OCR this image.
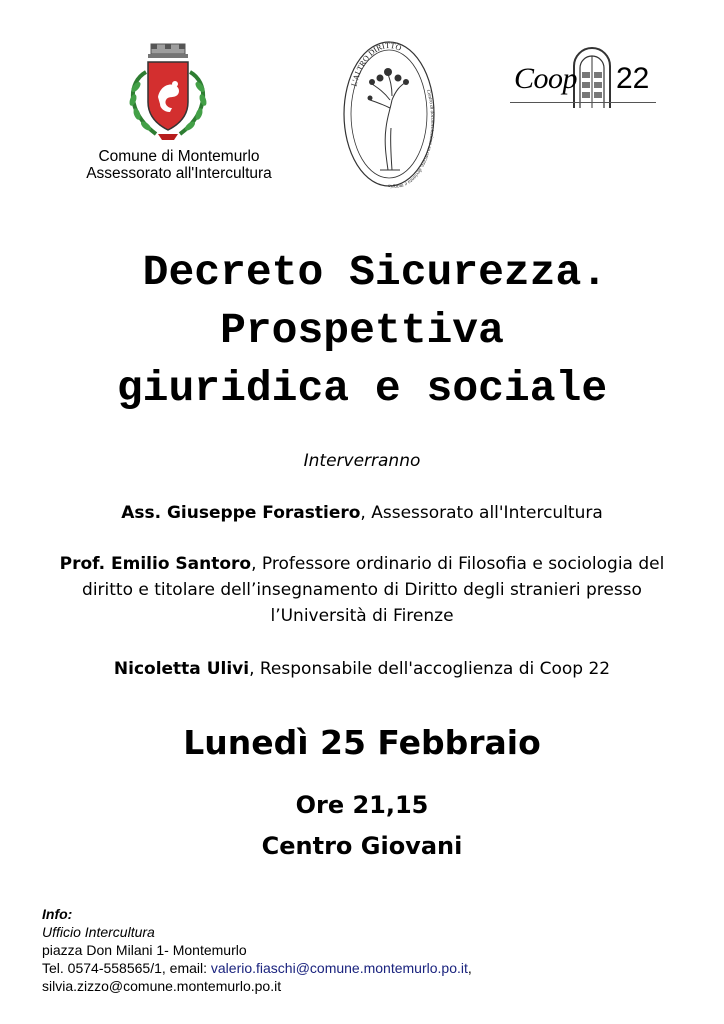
Comune di Montemurlo
Assessorato all'Intercultura
L'ALTRO DIRITTO
Centro di documentazione su carcere, devianza e margin
Coop 22
Decreto Sicurezza.
Prospettiva
giuridica e sociale
Interverranno
Ass. Giuseppe Forastiero, Assessorato all'Intercultura
Prof. Emilio Santoro, Professore ordinario di Filosofia e sociologia del diritto e titolare dell’insegnamento di Diritto degli stranieri presso l’Università di Firenze
Nicoletta Ulivi, Responsabile dell'accoglienza di Coop 22
Lunedì 25 Febbraio
Ore 21,15
Centro Giovani
Info:
Ufficio Intercultura
piazza Don Milani 1- Montemurlo
Tel. 0574-558565/1, email: valerio.fiaschi@comune.montemurlo.po.it,
silvia.zizzo@comune.montemurlo.po.it
